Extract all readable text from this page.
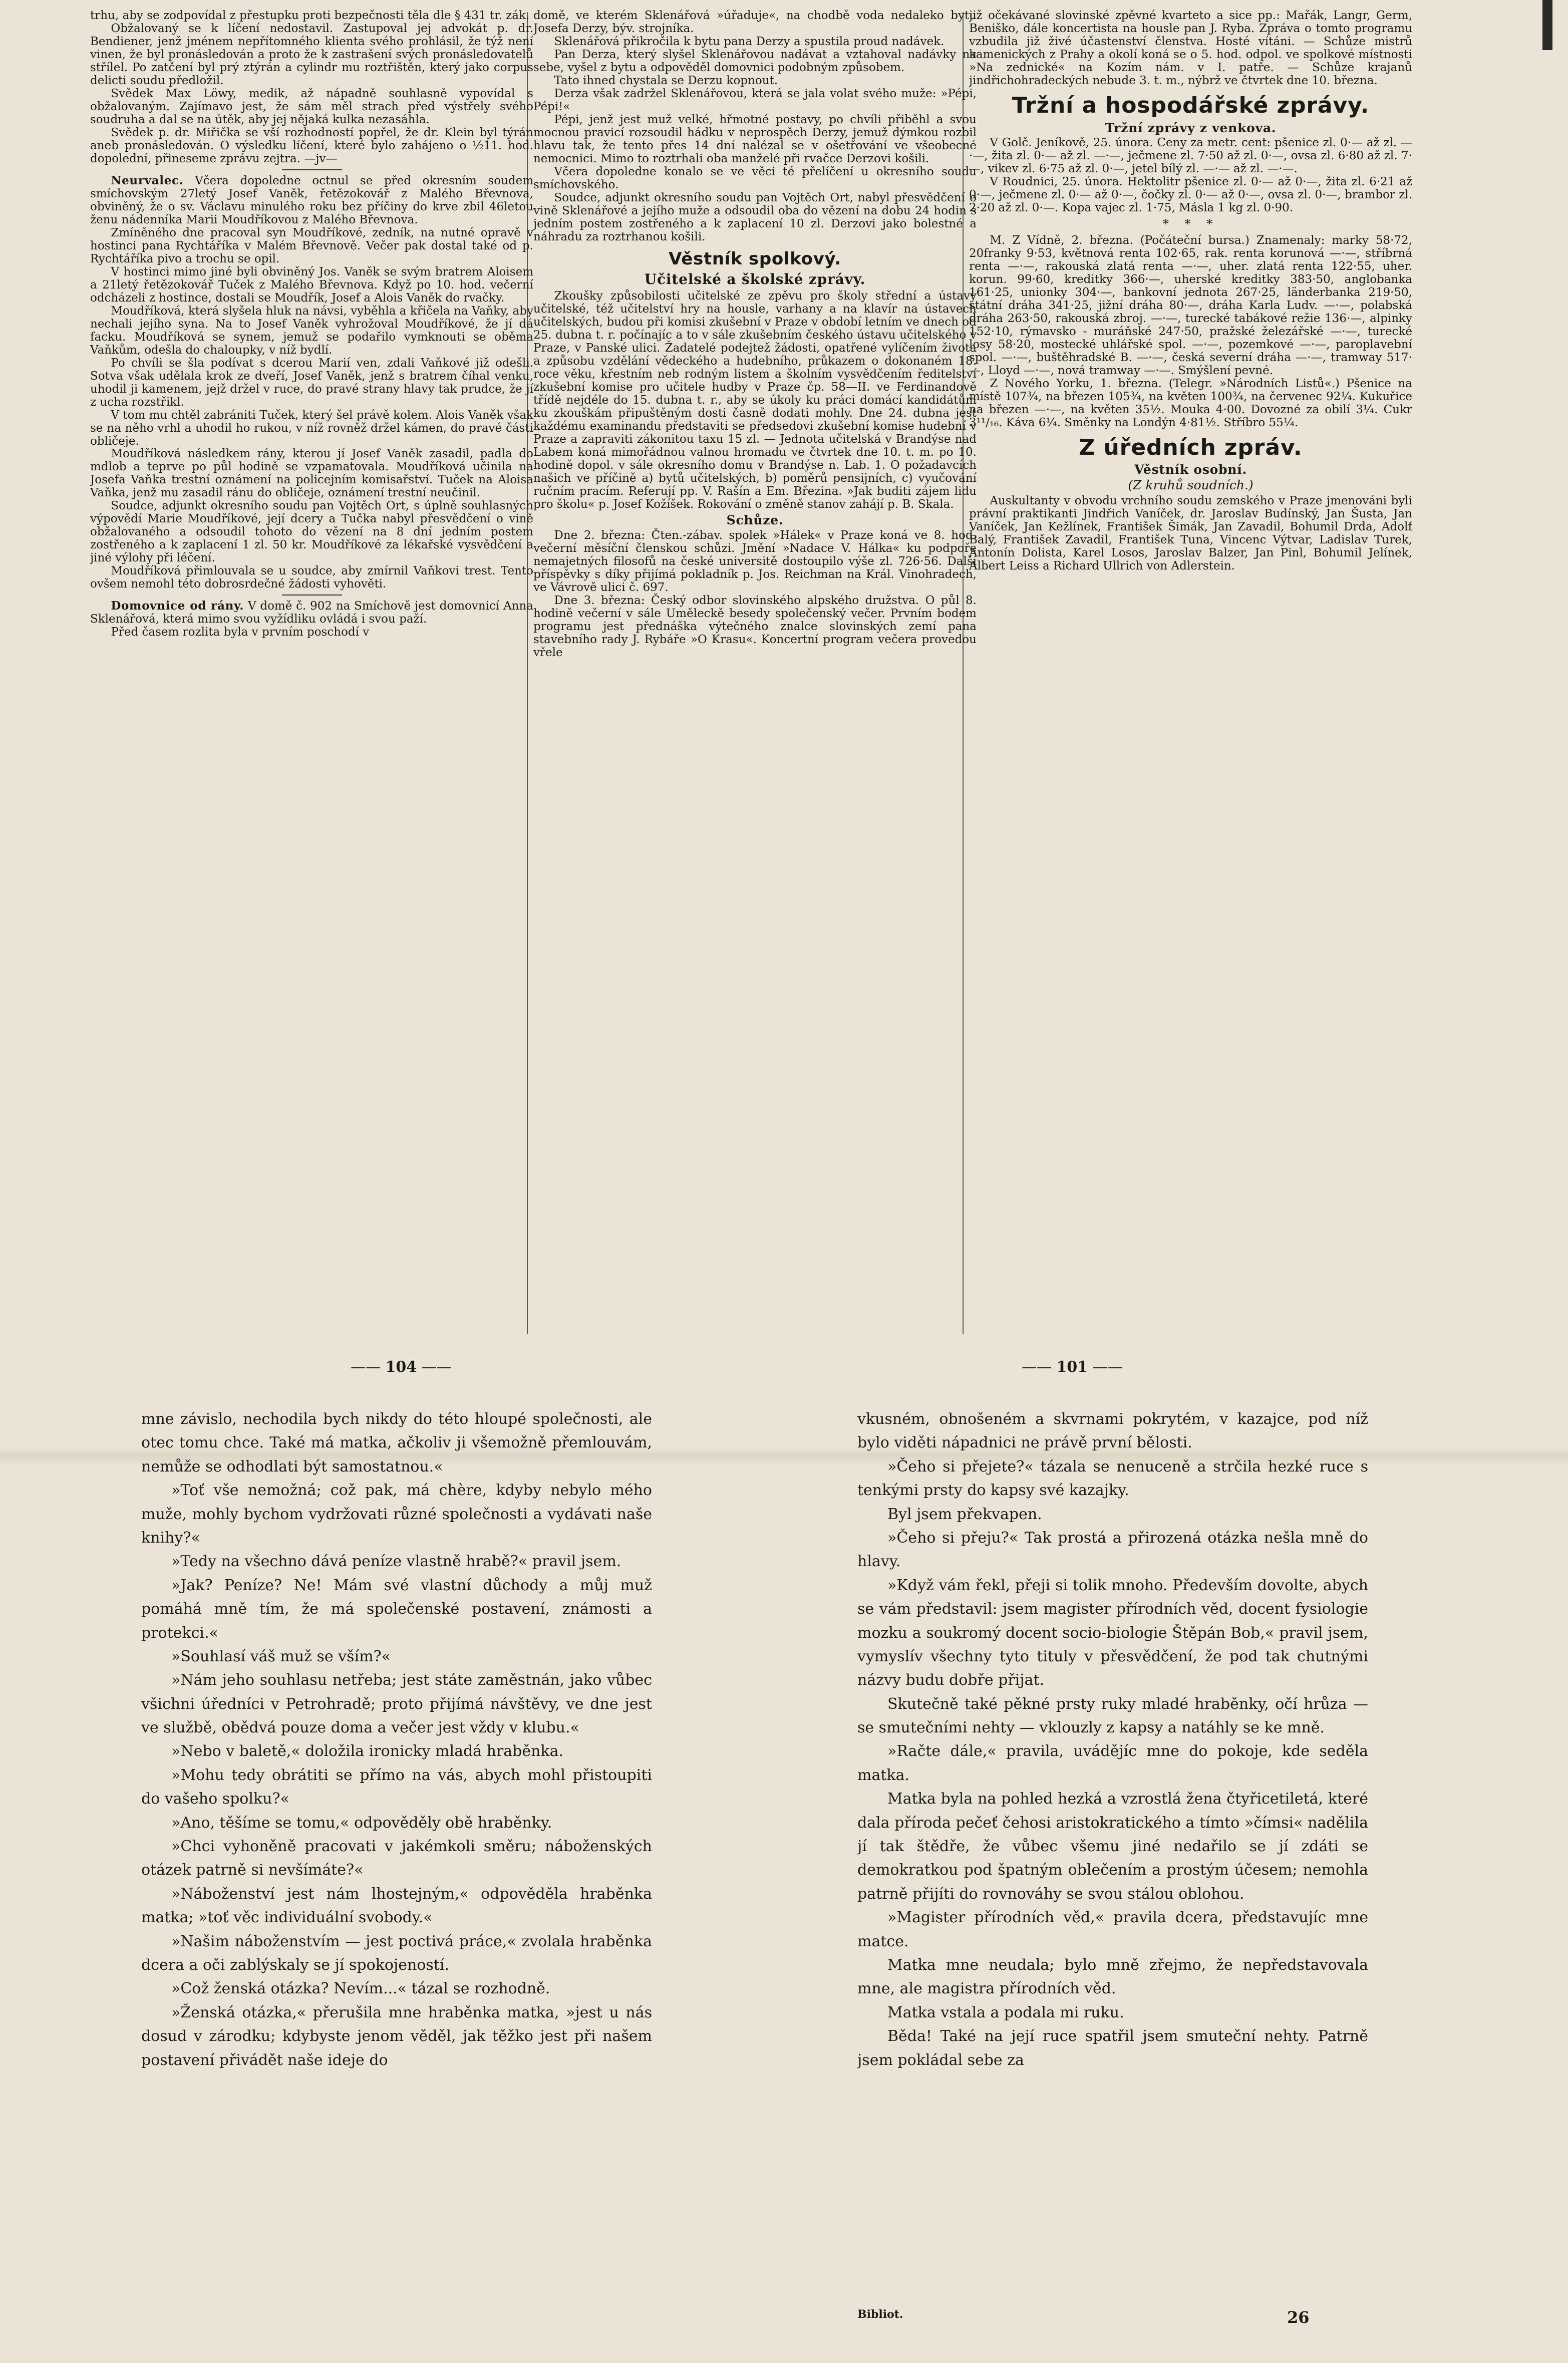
trhu, aby se zodpovídal z přestupku proti bezpečnosti těla dle § 431 tr. zák.

Obžalovaný se k líčení nedostavil. Zastupoval jej advokát p. dr. Bendiener, jenž jménem nepřítomného klienta svého prohlásil, že týž není vinen, že byl pronásledován a proto že k zastrašení svých pronásledovatelů střílel. Po zatčení byl prý ztýrán a cylindr mu roztřištěn, který jako corpus delicti soudu předložil.

Svědek Max Löwy, medik, až nápadně souhlasně vypovídal s obžalovaným. Zajímavo jest, že sám měl strach před výstřely svého soudruha a dal se na útěk, aby jej nějaká kulka nezasáhla.

Svědek p. dr. Miřička se vší rozhodností popřel, že dr. Klein byl týrán aneb pronásledován. O výsledku líčení, které bylo zahájeno o ½11. hod. dopolední, přineseme zprávu zejtra. —jv—

Neurvalec. Včera dopoledne octnul se před okresním soudem smíchovským 27letý Josef Vaněk, řetězokovář z Malého Břevnova, obviněný, že o sv. Václavu minulého roku bez příčiny do krve zbil 46letou ženu nádenníka Marii Moudříkovou z Malého Břevnova.

Zmíněného dne pracoval syn Moudříkové, zedník, na nutné opravě v hostinci pana Rychtáříka v Malém Břevnově. Večer pak dostal také od p. Rychtáříka pivo a trochu se opil.

V hostinci mimo jiné byli obviněný Jos. Vaněk se svým bratrem Aloisem a 21letý řetězokovář Tuček z Malého Břevnova. Když po 10. hod. večerní odcházeli z hostince, dostali se Moudřík, Josef a Alois Vaněk do rvačky.

Moudříková, která slyšela hluk na návsi, vyběhla a křičela na Vaňky, aby nechali jejího syna. Na to Josef Vaněk vyhrožoval Moudříkové, že jí dá facku. Moudříková se synem, jemuž se podařilo vymknouti se oběma Vaňkům, odešla do chaloupky, v níž bydlí.

Po chvíli se šla podívat s dcerou Marií ven, zdali Vaňkové již odešli. Sotva však udělala krok ze dveří, Josef Vaněk, jenž s bratrem číhal venku, uhodil ji kamenem, jejž držel v ruce, do pravé strany hlavy tak prudce, že jí z ucha rozstřikl.

V tom mu chtěl zabrániti Tuček, který šel právě kolem. Alois Vaněk však se na něho vrhl a uhodil ho rukou, v níž rovněž držel kámen, do pravé části obličeje.

Moudříková následkem rány, kterou jí Josef Vaněk zasadil, padla do mdlob a teprve po půl hodině se vzpamatovala. Moudříková učinila na Josefa Vaňka trestní oznámení na policejním komisařství. Tuček na Aloisa Vaňka, jenž mu zasadil ránu do obličeje, oznámení trestní neučinil.

Soudce, adjunkt okresního soudu pan Vojtěch Ort, s úplně souhlasných výpovědí Marie Moudříkové, její dcery a Tučka nabyl přesvědčení o vině obžalovaného a odsoudil tohoto do vězení na 8 dní jedním postem zostřeného a k zaplacení 1 zl. 50 kr. Moudříkové za lékařské vysvědčení a jiné výlohy při léčení.

Moudříková přimlouvala se u soudce, aby zmírnil Vaňkovi trest. Tento ovšem nemohl této dobrosrdečné žádosti vyhověti.

Domovnice od rány. V domě č. 902 na Smíchově jest domovnicí Anna Sklenářová, která mimo svou vyžídliku ovládá i svou paží.

Před časem rozlita byla v prvním poschodí v

domě, ve kterém Sklenářová »úřaduje«, na chodbě voda nedaleko bytu Josefa Derzy, býv. strojníka.

Sklenářová přikročila k bytu pana Derzy a spustila proud nadávek.

Pan Derza, který slyšel Sklenářovou nadávat a vztahoval nadávky na sebe, vyšel z bytu a odpověděl domovnici podobným způsobem.

Tato ihned chystala se Derzu kopnout.

Derza však zadržel Sklenářovou, která se jala volat svého muže: »Pépi, Pépi!«

Pépi, jenž jest muž velké, hřmotné postavy, po chvíli přiběhl a svou mocnou pravicí rozsoudil hádku v neprospěch Derzy, jemuž dýmkou rozbil hlavu tak, že tento přes 14 dní nalézal se v ošetřování ve všeobecné nemocnici. Mimo to roztrhali oba manželé při rvačce Derzovi košili.

Včera dopoledne konalo se ve věci té přelíčení u okresního soudu smíchovského.

Soudce, adjunkt okresního soudu pan Vojtěch Ort, nabyl přesvědčení o vině Sklenářové a jejího muže a odsoudil oba do vězení na dobu 24 hodin s jedním postem zostřeného a k zaplacení 10 zl. Derzovi jako bolestné a náhradu za roztrhanou košili.

Věstník spolkový.
Učitelské a školské zprávy.

Zkoušky způsobilosti učitelské ze zpěvu pro školy střední a ústavy učitelské, též učitelství hry na housle, varhany a na klavír na ústavech učitelských, budou při komisi zkušební v Praze v období letním ve dnech od 25. dubna t. r. počínajíc a to v sále zkušebním českého ústavu učitelského v Praze, v Panské ulici. Žadatelé podejtež žádosti, opatřené vylíčením života a způsobu vzdělání vědeckého a hudebního, průkazem o dokonaném 18. roce věku, křestním neb rodným listem a školním vysvědčením ředitelství zkušební komise pro učitele hudby v Praze čp. 58—II. ve Ferdinandově třídě nejdéle do 15. dubna t. r., aby se úkoly ku práci domácí kandidátům ku zkouškám připuštěným dosti časně dodati mohly. Dne 24. dubna jest každému examinandu představiti se předsedovi zkušební komise hudební v Praze a zapraviti zákonitou taxu 15 zl. — Jednota učitelská v Brandýse nad Labem koná mimořádnou valnou hromadu ve čtvrtek dne 10. t. m. po 10. hodině dopol. v sále okresního domu v Brandýse n. Lab. 1. O požadavcích našich ve příčině a) bytů učitelských, b) poměrů pensijních, c) vyučování ručním pracím. Referují pp. V. Rašín a Em. Březina. »Jak buditi zájem lidu pro školu« p. Josef Kožíšek. Rokování o změně stanov zahájí p. B. Skala.

Schůze.

Dne 2. března: Čten.-zábav. spolek »Hálek« v Praze koná ve 8. hod. večerní měsíční členskou schůzi. Jmění »Nadace V. Hálka« ku podpoře nemajetných filosofů na české universitě dostoupilo výše zl. 726·56. Další příspěvky s díky přijímá pokladník p. Jos. Reichman na Král. Vinohradech, ve Vávrově ulici č. 697.

Dne 3. března: Český odbor slovinského alpského družstva. O půl 8. hodině večerní v sále Uměleckě besedy společenský večer. Prvním bodem programu jest přednáška výtečného znalce slovinských zemí pana stavebního rady J. Rybáře »O Krasu«. Koncertní program večera provedou vřele

již očekávané slovinské zpěvné kvarteto a sice pp.: Mařák, Langr, Germ, Beniško, dále koncertista na housle pan J. Ryba. Zpráva o tomto programu vzbudila již živé účastenství členstva. Hosté vítáni. — Schůze mistrů kamenických z Prahy a okolí koná se o 5. hod. odpol. ve spolkové místnosti »Na zednické« na Kozím nám. v I. patře. — Schůze krajanů jindřichohradeckých nebude 3. t. m., nýbrž ve čtvrtek dne 10. března.

Tržní a hospodářské zprávy.
Tržní zprávy z venkova.

V Golč. Jeníkově, 25. února. Ceny za metr. cent: pšenice zl. 0·— až zl. —·—, žita zl. 0·— až zl. —·—, ječmene zl. 7·50 až zl. 0·—, ovsa zl. 6·80 až zl. 7·—, vikev zl. 6·75 až zl. 0·—, jetel bílý zl. —·— až zl. —·—.

V Roudnici, 25. února. Hektolitr pšenice zl. 0·— až 0·—, žita zl. 6·21 až 0·—, ječmene zl. 0·— až 0·—, čočky zl. 0·— až 0·—, ovsa zl. 0·—, brambor zl. 2·20 až zl. 0·—. Kopa vajec zl. 1·75, Másla 1 kg zl. 0·90.

* * *

M. Z Vídně, 2. března. (Počáteční bursa.) Znamenaly: marky 58·72, 20franky 9·53, květnová renta 102·65, rak. renta korunová —·—, stříbrná renta —·—, rakouská zlatá renta —·—, uher. zlatá renta 122·55, uher. korun. 99·60, kreditky 366·—, uherské kreditky 383·50, anglobanka 161·25, unionky 304·—, bankovní jednota 267·25, länderbanka 219·50, státní dráha 341·25, jižní dráha 80·—, dráha Karla Ludv. —·—, polabská dráha 263·50, rakouská zbroj. —·—, turecké tabákové režie 136·—, alpinky 152·10, rýmavsko - muráňské 247·50, pražské železářské —·—, turecké losy 58·20, mostecké uhlářské spol. —·—, pozemkové —·—, paroplavební spol. —·—, buštěhradské B. —·—, česká severní dráha —·—, tramway 517·—, Lloyd —·—, nová tramway —·—. Smýšlení pevné.

Z Nového Yorku, 1. března. (Telegr. »Národních Listů«.) Pšenice na místě 107¾, na březen 105¾, na květen 100¾, na červenec 92¼. Kukuřice na březen —·—, na květen 35½. Mouka 4·00. Dovozné za obilí 3¼. Cukr 3¹¹/₁₆. Káva 6¼. Směnky na Londýn 4·81½. Stříbro 55¼.

Z úředních zpráv.
Věstník osobní.
(Z kruhů soudních.)

Auskultanty v obvodu vrchního soudu zemského v Praze jmenováni byli právní praktikanti Jindřich Vaníček, dr. Jaroslav Budínský, Jan Šusta, Jan Vaníček, Jan Kežlínek, František Šimák, Jan Zavadil, Bohumil Drda, Adolf Balý, František Zavadil, František Tuna, Vincenc Výtvar, Ladislav Turek, Antonín Dolista, Karel Losos, Jaroslav Balzer, Jan Pinl, Bohumil Jelínek, Albert Leiss a Richard Ullrich von Adlerstein.

—— 104 ——
——	101 ——

mne závislo, nechodila bych nikdy do této hloupé společnosti, ale otec tomu chce. Také má matka, ačkoliv ji všemožně přemlouvám, nemůže se odhodlati být samostatnou.«

»Toť vše nemožná; což pak, má chère, kdyby nebylo mého muže, mohly bychom vydržovati různé společnosti a vydávati naše knihy?«

»Tedy na všechno dává peníze vlastně hrabě?« pravil jsem.

»Jak? Peníze? Ne! Mám své vlastní důchody a můj muž pomáhá mně tím, že má společenské postavení, známosti a protekci.«

»Souhlasí váš muž se vším?«

»Nám jeho souhlasu netřeba; jest státe zaměstnán, jako vůbec všichni úředníci v Petrohradě; proto přijímá návštěvy, ve dne jest ve službě, obědvá pouze doma a večer jest vždy v klubu.«

»Nebo v baletě,« doložila ironicky mladá hraběnka.

»Mohu tedy obrátiti se přímo na vás, abych mohl přistoupiti do vašeho spolku?«

»Ano, těšíme se tomu,« odpověděly obě hraběnky.

»Chci vyhoněně pracovati v jakémkoli směru; náboženských otázek patrně si nevšímáte?«

»Náboženství jest nám lhostejným,« odpověděla hraběnka matka; »toť věc individuální svobody.«

»Našim náboženstvím — jest poctivá práce,« zvolala hraběnka dcera a oči zablýskaly se jí spokojeností.

»Což ženská otázka? Nevím...« tázal se rozhodně.

»Ženská otázka,« přerušila mne hraběnka matka, »jest u nás dosud v zárodku; kdybyste jenom věděl, jak těžko jest při našem postavení přivádět naše ideje do

vkusném, obnošeném a skvrnami pokrytém, v kazajce, pod níž bylo viděti nápadnici ne právě první bělosti.

»Čeho si přejete?« tázala se nenuceně a strčila hezké ruce s tenkými prsty do kapsy své kazajky.

Byl jsem překvapen.

»Čeho si přeju?« Tak prostá a přirozená otázka nešla mně do hlavy.

»Když vám řekl, přeji si tolik mnoho. Především dovolte, abych se vám představil: jsem magister přírodních věd, docent fysiologie mozku a soukromý docent socio-biologie Štěpán Bob,« pravil jsem, vymyslív všechny tyto tituly v přesvědčení, že pod tak chutnými názvy budu dobře přijat.

Skutečně také pěkné prsty ruky mladé hraběnky, očí hrůza — se smutečními nehty — vklouzly z kapsy a natáhly se ke mně.

»Račte dále,« pravila, uvádějíc mne do pokoje, kde seděla matka.

Matka byla na pohled hezká a vzrostlá žena čtyřicetiletá, které dala příroda pečeť čehosi aristokratického a tímto »čímsi« nadělila jí tak štědře, že vůbec všemu jiné nedařilo se jí zdáti se demokratkou pod špatným oblečením a prostým účesem; nemohla patrně přijíti do rovnováhy se svou stálou oblohou.

»Magister přírodních věd,« pravila dcera, představujíc mne matce.

Matka mne neudala; bylo mně zřejmo, že nepředstavovala mne, ale magistra přírodních věd.

Matka vstala a podala mi ruku.

Běda! Také na její ruce spatřil jsem smuteční nehty. Patrně jsem pokládal sebe za

Bibliot.	26
